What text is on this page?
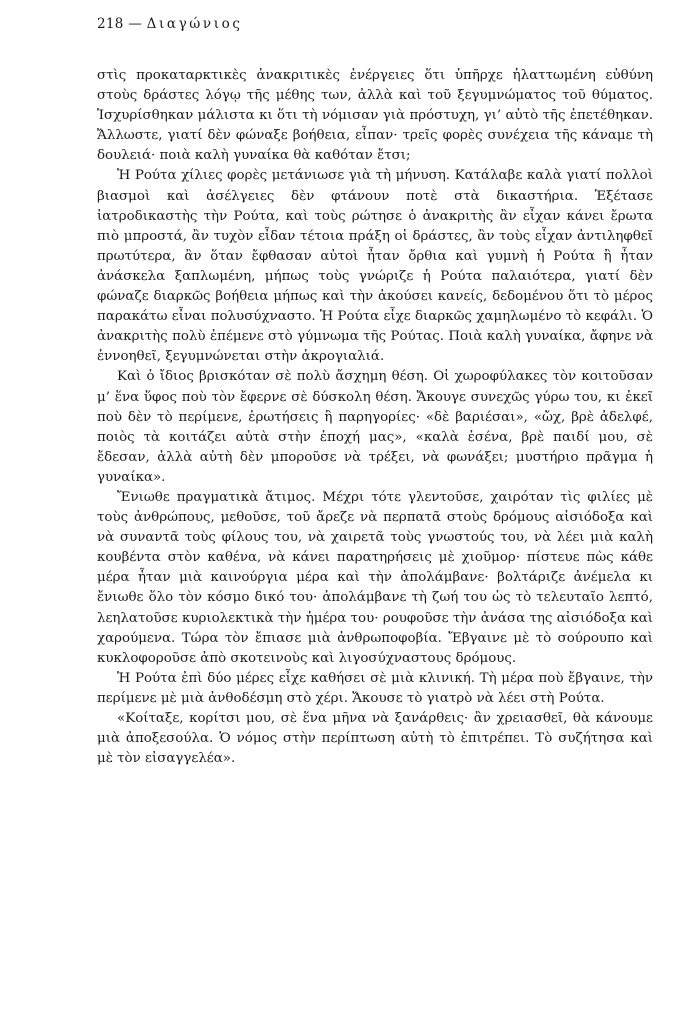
218 — Διαγώνιος

στὶς προκαταρκτικὲς ἀνακριτικὲς ἐνέργειες ὅτι ὑπῆρχε ἠλαττωμένη εὐθύνη στοὺς δράστες λόγῳ τῆς μέθης των, ἀλλὰ καὶ τοῦ ξεγυμνώματος τοῦ θύματος. Ἰσχυρίσθηκαν μάλιστα κι ὅτι τὴ νόμισαν γιὰ πρόστυχη, γι’ αὐτὸ τῆς ἐπετέθηκαν. Ἄλλωστε, γιατί δὲν φώναξε βοήθεια, εἶπαν· τρεῖς φορὲς συνέχεια τῆς κάναμε τὴ δουλειά· ποιὰ καλὴ γυναίκα θὰ καθόταν ἔτσι;

Ἡ Ρούτα χίλιες φορὲς μετάνιωσε γιὰ τὴ μήνυση. Κατάλαβε καλὰ γιατί πολλοὶ βιασμοὶ καὶ ἀσέλγειες δὲν φτάνουν ποτὲ στὰ δικαστήρια. Ἐξέτασε ἰατροδικαστὴς τὴν Ρούτα, καὶ τοὺς ρώτησε ὁ ἀνακριτὴς ἂν εἶχαν κάνει ἔρωτα πιὸ μπροστά, ἂν τυχὸν εἶδαν τέτοια πράξη οἱ δράστες, ἂν τοὺς εἶχαν ἀντιληφθεῖ πρωτύτερα, ἂν ὅταν ἔφθασαν αὐτοὶ ἦταν ὄρθια καὶ γυμνὴ ἡ Ρούτα ἢ ἦταν ἀνάσκελα ξαπλωμένη, μήπως τοὺς γνώριζε ἡ Ρούτα παλαιότερα, γιατί δὲν φώναζε διαρκῶς βοήθεια μήπως καὶ τὴν ἀκούσει κανείς, δεδομένου ὅτι τὸ μέρος παρακάτω εἶναι πολυσύχναστο. Ἡ Ρούτα εἶχε διαρκῶς χαμηλωμένο τὸ κεφάλι. Ὁ ἀνακριτὴς πολὺ ἐπέμενε στὸ γύμνωμα τῆς Ρούτας. Ποιὰ καλὴ γυναίκα, ἄφηνε νὰ ἐννοηθεῖ, ξεγυμνώνεται στὴν ἀκρογιαλιά.

Καὶ ὁ ἴδιος βρισκόταν σὲ πολὺ ἄσχημη θέση. Οἱ χωροφύλακες τὸν κοιτοῦσαν μ’ ἕνα ὕφος ποὺ τὸν ἔφερνε σὲ δύσκολη θέση. Ἄκουγε συνεχῶς γύρω του, κι ἐκεῖ ποὺ δὲν τὸ περίμενε, ἐρωτήσεις ἢ παρηγορίες· «δὲ βαριέσαι», «ὤχ, βρὲ ἀδελφέ, ποιὸς τὰ κοιτάζει αὐτὰ στὴν ἐποχή μας», «καλὰ ἐσένα, βρὲ παιδί μου, σὲ ἔδεσαν, ἀλλὰ αὐτὴ δὲν μποροῦσε νὰ τρέξει, νὰ φωνάξει; μυστήριο πρᾶγμα ἡ γυναίκα».

Ἔνιωθε πραγματικὰ ἄτιμος. Μέχρι τότε γλεντοῦσε, χαιρόταν τὶς φιλίες μὲ τοὺς ἀνθρώπους, μεθοῦσε, τοῦ ἄρεζε νὰ περπατᾶ στοὺς δρόμους αἰσιόδοξα καὶ νὰ συναντᾶ τοὺς φίλους του, νὰ χαιρετᾶ τοὺς γνωστούς του, νὰ λέει μιὰ καλὴ κουβέντα στὸν καθένα, νὰ κάνει παρατηρήσεις μὲ χιοῦμορ· πίστευε πὼς κάθε μέρα ἦταν μιὰ καινούργια μέρα καὶ τὴν ἀπολάμβανε· βολτάριζε ἀνέμελα κι ἔνιωθε ὅλο τὸν κόσμο δικό του· ἀπολάμβανε τὴ ζωή του ὡς τὸ τελευταῖο λεπτό, λεηλατοῦσε κυριολεκτικὰ τὴν ἡμέρα του· ρουφοῦσε τὴν ἀνάσα της αἰσιόδοξα καὶ χαρούμενα. Τώρα τὸν ἔπιασε μιὰ ἀνθρωποφοβία. Ἔβγαινε μὲ τὸ σούρουπο καὶ κυκλοφοροῦσε ἀπὸ σκοτεινοὺς καὶ λιγοσύχναστους δρόμους.

Ἡ Ρούτα ἐπὶ δύο μέρες εἶχε καθήσει σὲ μιὰ κλινική. Τὴ μέρα ποὺ ἔβγαινε, τὴν περίμενε μὲ μιὰ ἀνθοδέσμη στὸ χέρι. Ἄκουσε τὸ γιατρὸ νὰ λέει στὴ Ρούτα.

«Κοίταξε, κορίτσι μου, σὲ ἕνα μῆνα νὰ ξανάρθεις· ἂν χρειασθεῖ, θὰ κάνουμε μιὰ ἀποξεσούλα. Ὁ νόμος στὴν περίπτωση αὐτὴ τὸ ἐπιτρέπει. Τὸ συζήτησα καὶ μὲ τὸν εἰσαγγελέα».
